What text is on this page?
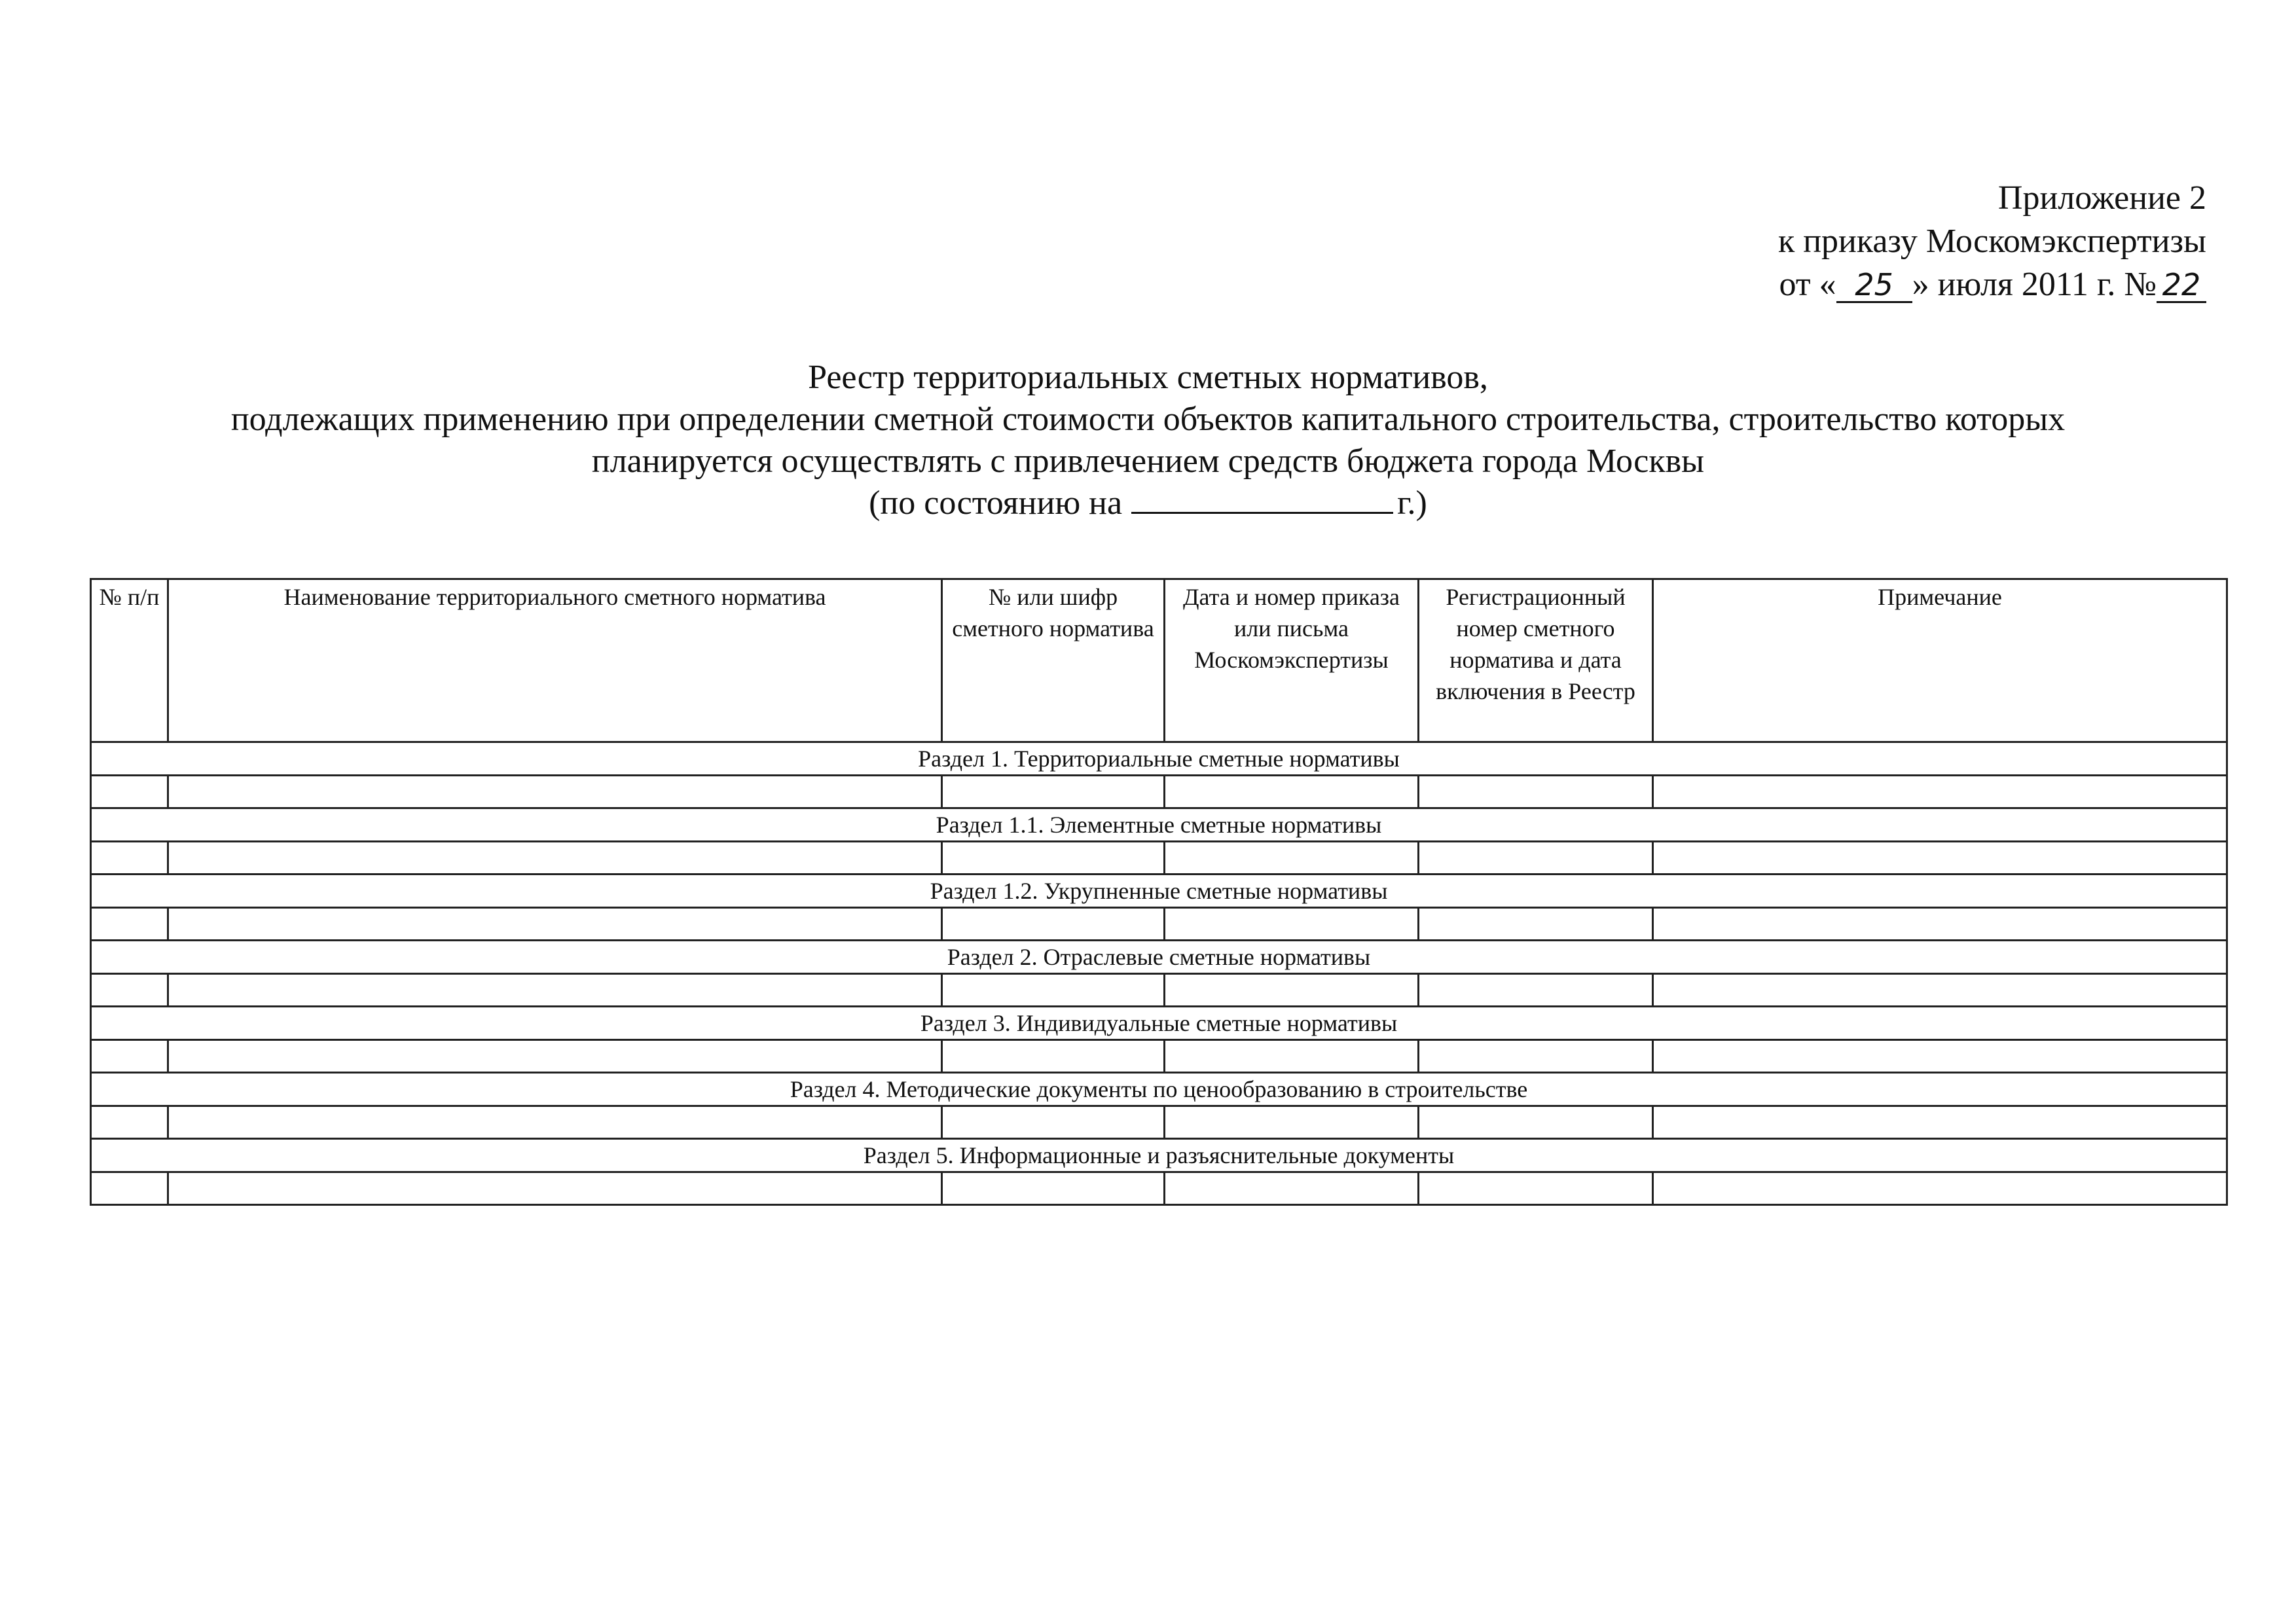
Приложение 2
к приказу Москомэкспертизы
от « 25 » июля 2011 г. № 22
Реестр территориальных сметных нормативов,
подлежащих применению при определении сметной стоимости объектов капитального строительства, строительство которых
планируется осуществлять с привлечением средств бюджета города Москвы
(по состоянию на	г.)
№ п/п	Наименование территориального сметного норматива	№ или шифр сметного норматива	Дата и номер приказа или письма Москомэкспертизы	Регистрационный номер сметного норматива и дата включения в Реестр	Примечание
Раздел 1. Территориальные сметные нормативы					

Раздел 1.1. Элементные сметные нормативы					

Раздел 1.2. Укрупненные сметные нормативы					

Раздел 2. Отраслевые сметные нормативы					

Раздел 3. Индивидуальные сметные нормативы					

Раздел 4. Методические документы по ценообразованию в строительстве					

Раздел 5. Информационные и разъяснительные документы					
